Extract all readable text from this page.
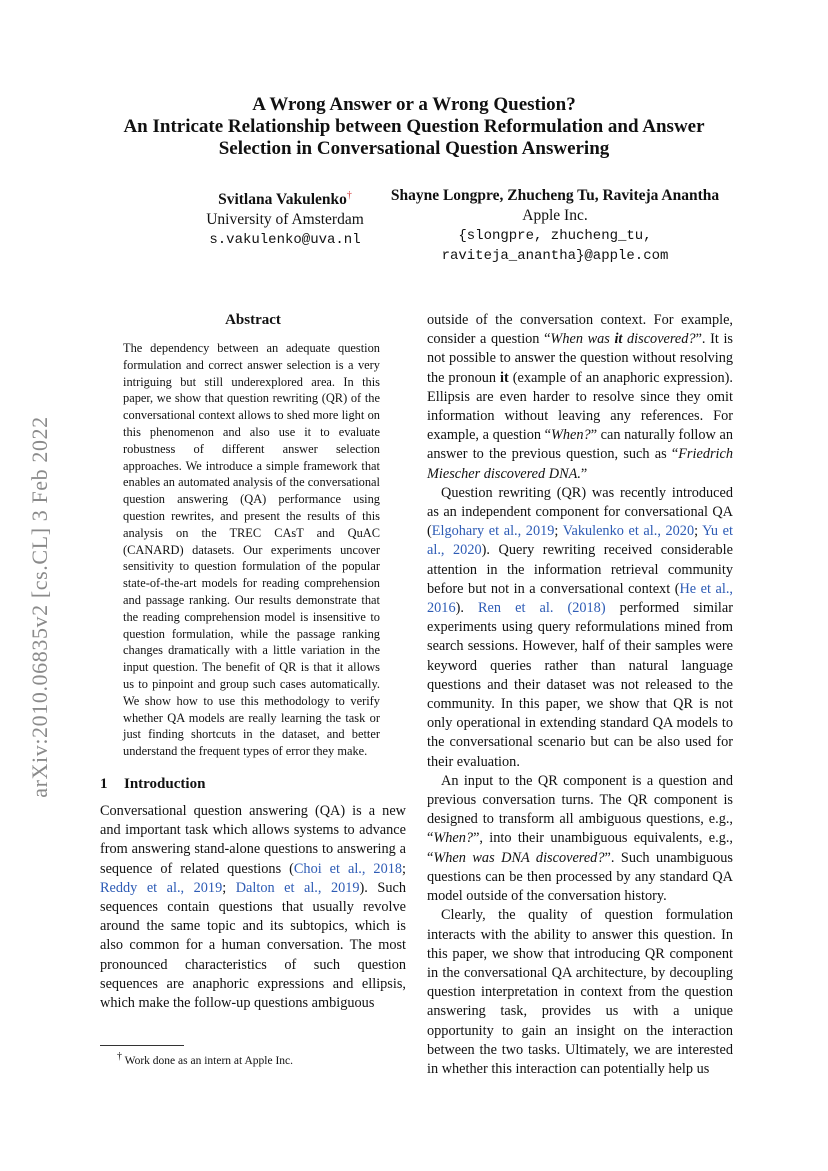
arXiv:2010.06835v2 [cs.CL] 3 Feb 2022
A Wrong Answer or a Wrong Question?
An Intricate Relationship between Question Reformulation and Answer
Selection in Conversational Question Answering
Svitlana Vakulenko†
University of Amsterdam
s.vakulenko@uva.nl
Shayne Longpre, Zhucheng Tu, Raviteja Anantha
Apple Inc.
{slongpre, zhucheng_tu,
raviteja_anantha}@apple.com
Abstract

The dependency between an adequate question formulation and correct answer selection is a very intriguing but still underexplored area. In this paper, we show that question rewriting (QR) of the conversational context allows to shed more light on this phenomenon and also use it to evaluate robustness of different answer selection approaches. We introduce a simple framework that enables an automated analysis of the conversational question answering (QA) performance using question rewrites, and present the results of this analysis on the TREC CAsT and QuAC (CANARD) datasets. Our experiments uncover sensitivity to question formulation of the popular state-of-the-art models for reading comprehension and passage ranking. Our results demonstrate that the reading comprehension model is insensitive to question formulation, while the passage ranking changes dramatically with a little variation in the input question. The benefit of QR is that it allows us to pinpoint and group such cases automatically. We show how to use this methodology to verify whether QA models are really learning the task or just finding shortcuts in the dataset, and better understand the frequent types of error they make.

1 Introduction

Conversational question answering (QA) is a new and important task which allows systems to advance from answering stand-alone questions to answering a sequence of related questions (Choi et al., 2018; Reddy et al., 2019; Dalton et al., 2019). Such sequences contain questions that usually revolve around the same topic and its subtopics, which is also common for a human conversation. The most pronounced characteristics of such question sequences are anaphoric expressions and ellipsis, which make the follow-up questions ambiguous

outside of the conversation context. For example, consider a question “When was it discovered?”. It is not possible to answer the question without resolving the pronoun it (example of an anaphoric expression). Ellipsis are even harder to resolve since they omit information without leaving any references. For example, a question “When?” can naturally follow an answer to the previous question, such as “Friedrich Miescher discovered DNA.”

Question rewriting (QR) was recently introduced as an independent component for conversational QA (Elgohary et al., 2019; Vakulenko et al., 2020; Yu et al., 2020). Query rewriting received considerable attention in the information retrieval community before but not in a conversational context (He et al., 2016). Ren et al. (2018) performed similar experiments using query reformulations mined from search sessions. However, half of their samples were keyword queries rather than natural language questions and their dataset was not released to the community. In this paper, we show that QR is not only operational in extending standard QA models to the conversational scenario but can be also used for their evaluation.

An input to the QR component is a question and previous conversation turns. The QR component is designed to transform all ambiguous questions, e.g., “When?”, into their unambiguous equivalents, e.g., “When was DNA discovered?”. Such unambiguous questions can be then processed by any standard QA model outside of the conversation history.

Clearly, the quality of question formulation interacts with the ability to answer this question. In this paper, we show that introducing QR component in the conversational QA architecture, by decoupling question interpretation in context from the question answering task, provides us with a unique opportunity to gain an insight on the interaction between the two tasks. Ultimately, we are interested in whether this interaction can potentially help us

† Work done as an intern at Apple Inc.
